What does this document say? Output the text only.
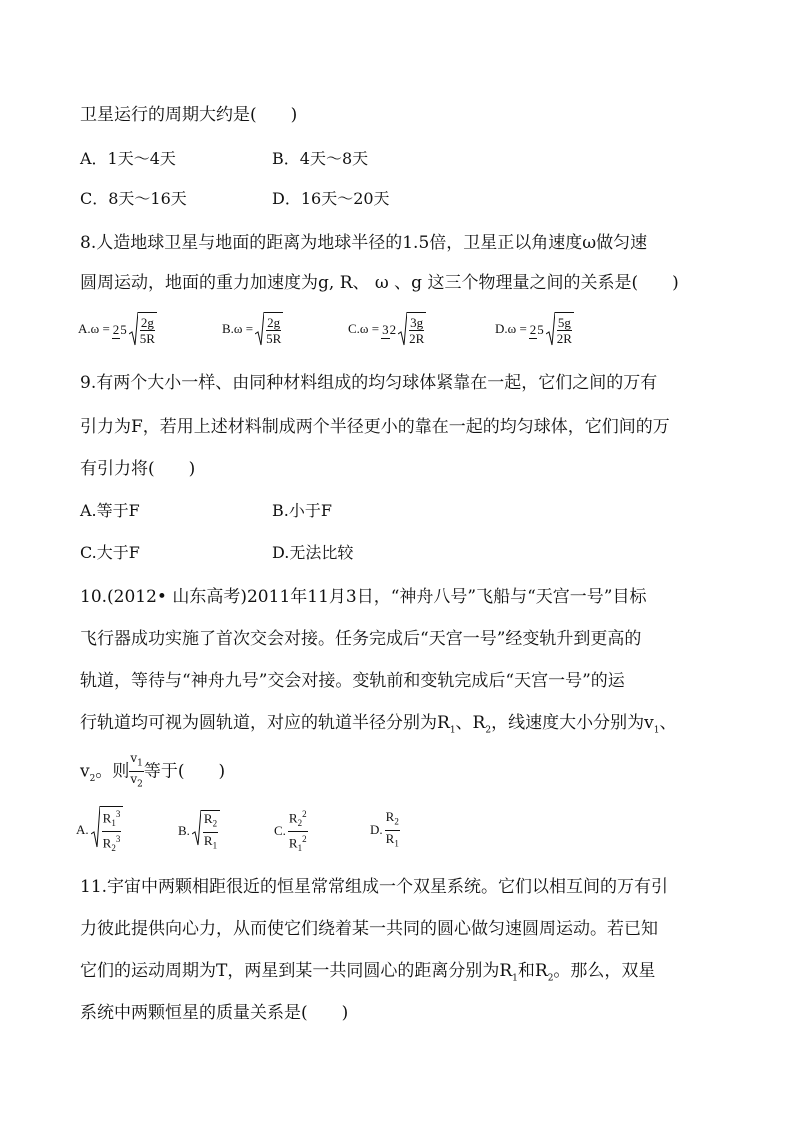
卫星运行的周期大约是(　　)
A．1天～4天	B．4天～8天
C．8天～16天	D．16天～20天
8.人造地球卫星与地面的距离为地球半径的1.5倍，卫星正以角速度ω做匀速
圆周运动，地面的重力加速度为g, R、 ω 、g 这三个物理量之间的关系是(　　)
$A.\omega = 25 \frac{2g}{5R}$	$B.\omega = \frac{2g}{5R}$	$C.\omega = 32 \frac{3g}{2R}$	$D.\omega = 25 \frac{5g}{2R}$
9.有两个大小一样、由同种材料组成的均匀球体紧靠在一起，它们之间的万有
引力为F，若用上述材料制成两个半径更小的靠在一起的均匀球体，它们间的万
有引力将(　　)
A.等于F	B.小于F
C.大于F	D.无法比较
10.(2012• 山东高考)2011年11月3日，“神舟八号”飞船与“天宫一号”目标
飞行器成功实施了首次交会对接。任务完成后“天宫一号”经变轨升到更高的
轨道，等待与“神舟九号”交会对接。变轨前和变轨完成后“天宫一号”的运
行轨道均可视为圆轨道，对应的轨道半径分别为$R_1$、$R_2$，线速度大小分别为$v_1$、
$v_2$。则 $\frac{v_1}{v_2}$ 等于(　　)
A. $\frac{R_1^3}{R_2^3}$	B. $\frac{R_2}{R_1}$	C. $\frac{R_2^2}{R_1^2}$	D. $\frac{R_2}{R_1}$
11.宇宙中两颗相距很近的恒星常常组成一个双星系统。它们以相互间的万有引
力彼此提供向心力，从而使它们绕着某一共同的圆心做匀速圆周运动。若已知
它们的运动周期为T，两星到某一共同圆心的距离分别为$R_1$和$R_2$。那么，双星
系统中两颗恒星的质量关系是(　　)
